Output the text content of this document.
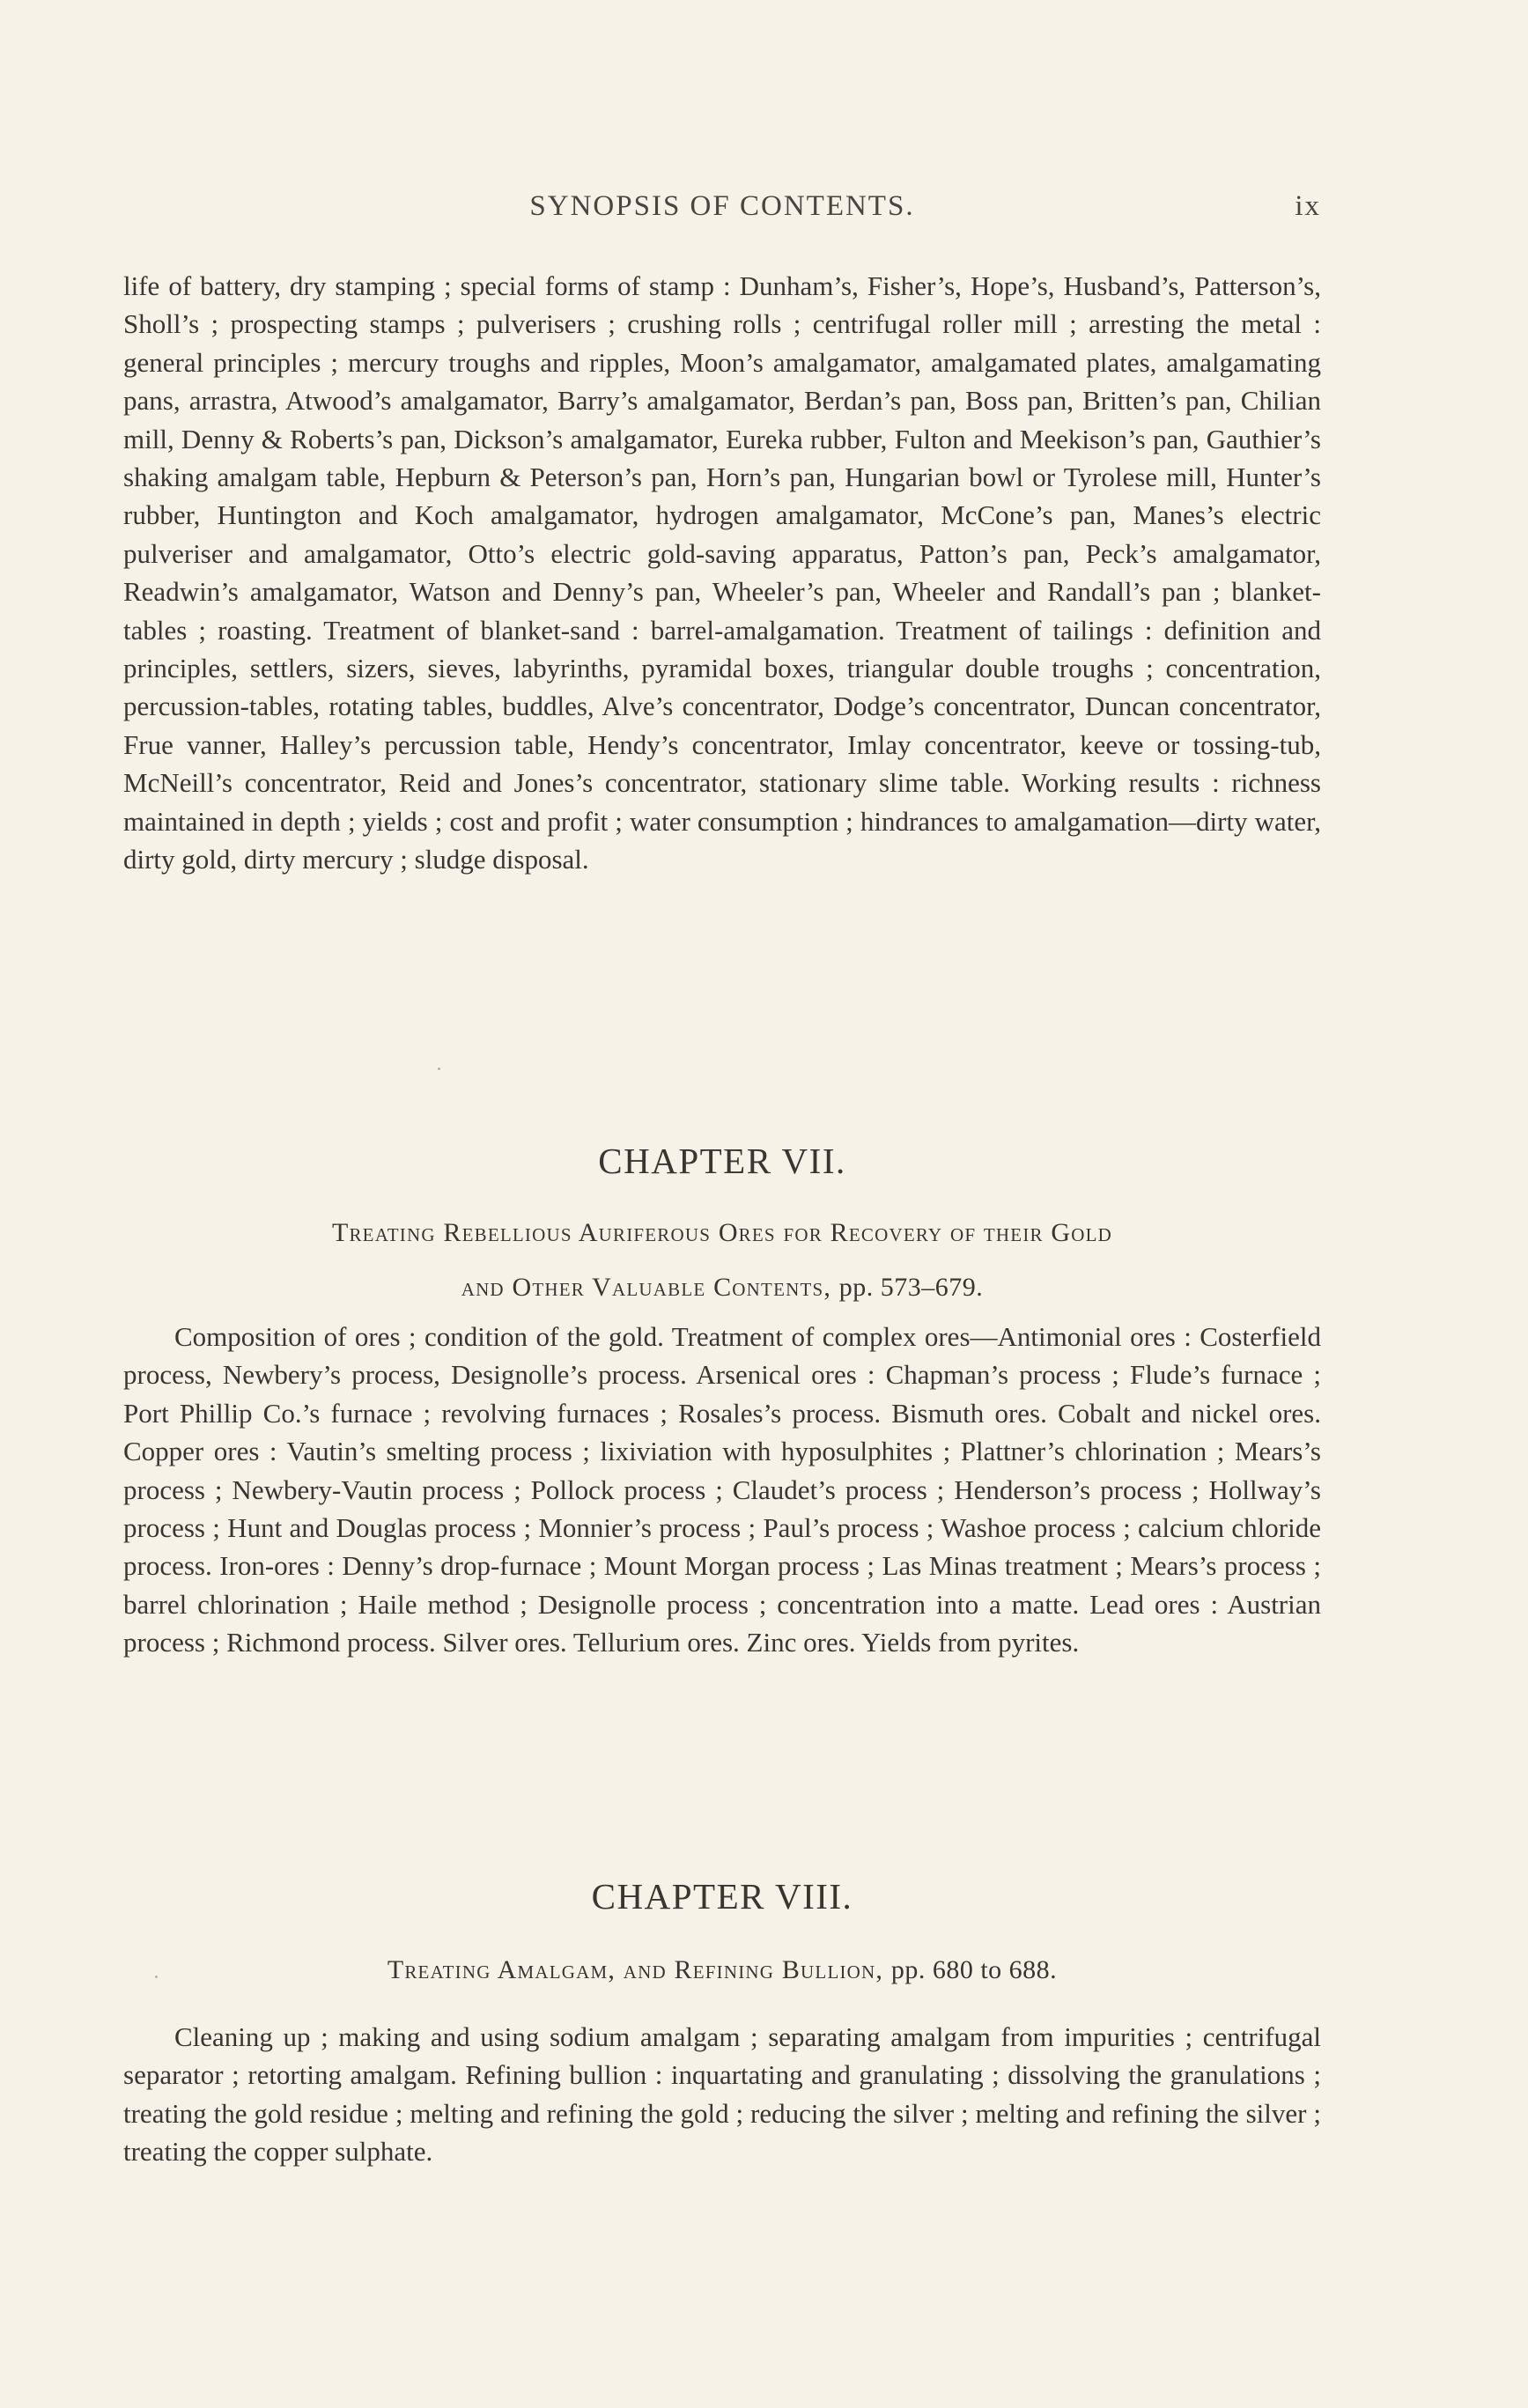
SYNOPSIS OF CONTENTS.	ix

life of battery, dry stamping ; special forms of stamp : Dunham’s, Fisher’s, Hope’s, Husband’s, Patterson’s, Sholl’s ; prospecting stamps ; pulverisers ; crushing rolls ; centrifugal roller mill ; arresting the metal : general principles ; mercury troughs and ripples, Moon’s amalgamator, amalgamated plates, amalgamating pans, arrastra, Atwood’s amalgamator, Barry’s amalgamator, Berdan’s pan, Boss pan, Britten’s pan, Chilian mill, Denny & Roberts’s pan, Dickson’s amalgamator, Eureka rubber, Fulton and Meekison’s pan, Gauthier’s shaking amalgam table, Hepburn & Peterson’s pan, Horn’s pan, Hungarian bowl or Tyrolese mill, Hunter’s rubber, Huntington and Koch amalgamator, hydrogen amalgamator, McCone’s pan, Manes’s electric pulveriser and amalgamator, Otto’s electric gold-saving apparatus, Patton’s pan, Peck’s amalgamator, Readwin’s amalgamator, Watson and Denny’s pan, Wheeler’s pan, Wheeler and Randall’s pan ; blanket-tables ; roasting. Treatment of blanket-sand : barrel-amalgamation. Treatment of tailings : definition and principles, settlers, sizers, sieves, labyrinths, pyramidal boxes, triangular double troughs ; concentration, percussion-tables, rotating tables, buddles, Alve’s concentrator, Dodge’s concentrator, Duncan concentrator, Frue vanner, Halley’s percussion table, Hendy’s concentrator, Imlay concentrator, keeve or tossing-tub, McNeill’s concentrator, Reid and Jones’s concentrator, stationary slime table. Working results : richness maintained in depth ; yields ; cost and profit ; water consumption ; hindrances to amalgamation—dirty water, dirty gold, dirty mercury ; sludge disposal.

CHAPTER VII.
Treating Rebellious Auriferous Ores for Recovery of their Gold
and Other Valuable Contents, pp. 573–679.

Composition of ores ; condition of the gold. Treatment of complex ores—Antimonial ores : Costerfield process, Newbery’s process, Designolle’s process. Arsenical ores : Chapman’s process ; Flude’s furnace ; Port Phillip Co.’s furnace ; revolving furnaces ; Rosales’s process. Bismuth ores. Cobalt and nickel ores. Copper ores : Vautin’s smelting process ; lixiviation with hyposulphites ; Plattner’s chlorination ; Mears’s process ; Newbery-Vautin process ; Pollock process ; Claudet’s process ; Henderson’s process ; Hollway’s process ; Hunt and Douglas process ; Monnier’s process ; Paul’s process ; Washoe process ; calcium chloride process. Iron-ores : Denny’s drop-furnace ; Mount Morgan process ; Las Minas treatment ; Mears’s process ; barrel chlorination ; Haile method ; Designolle process ; concentration into a matte. Lead ores : Austrian process ; Richmond process. Silver ores. Tellurium ores. Zinc ores. Yields from pyrites.

CHAPTER VIII.
Treating Amalgam, and Refining Bullion, pp. 680 to 688.

Cleaning up ; making and using sodium amalgam ; separating amalgam from impurities ; centrifugal separator ; retorting amalgam. Refining bullion : inquartating and granulating ; dissolving the granulations ; treating the gold residue ; melting and refining the gold ; reducing the silver ; melting and refining the silver ; treating the copper sulphate.
